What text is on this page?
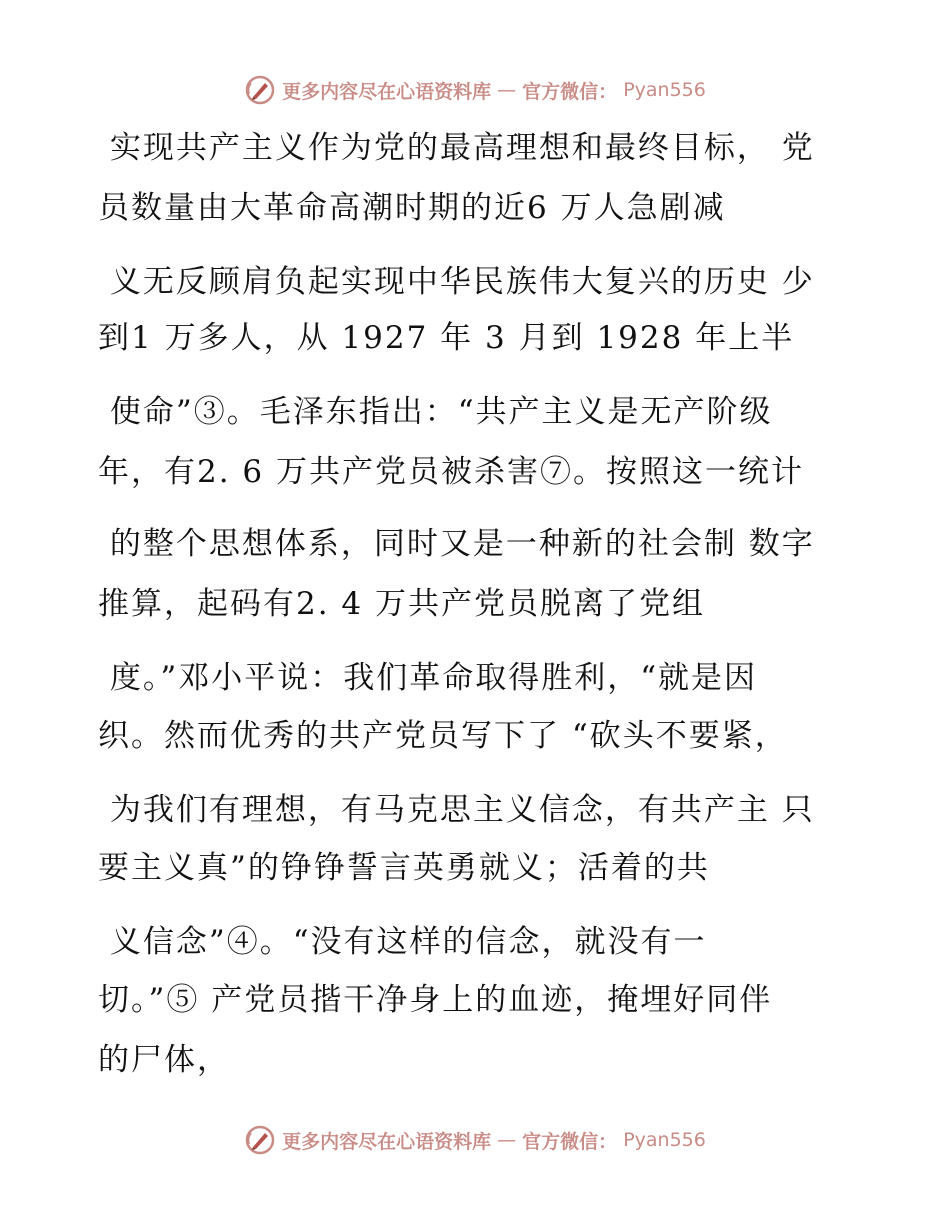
更多内容尽在心语资料库 — 官方微信： Pyan556
实现共产主义作为党的最高理想和最终目标， 党
员数量由大革命高潮时期的近6 万人急剧减
义无反顾肩负起实现中华民族伟大复兴的历史 少
到1 万多人，从 1927 年 3 月到 1928 年上半
使命”③。毛泽东指出：“共产主义是无产阶级
年，有2. 6 万共产党员被杀害⑦。按照这一统计
的整个思想体系，同时又是一种新的社会制 数字
推算，起码有2. 4 万共产党员脱离了党组
度。”邓小平说：我们革命取得胜利，“就是因
织。然而优秀的共产党员写下了 “砍头不要紧，
为我们有理想，有马克思主义信念，有共产主 只
要主义真”的铮铮誓言英勇就义；活着的共
义信念”④。“没有这样的信念，就没有一
切。”⑤ 产党员揩干净身上的血迹，掩埋好同伴
的尸体，
更多内容尽在心语资料库 — 官方微信： Pyan556
